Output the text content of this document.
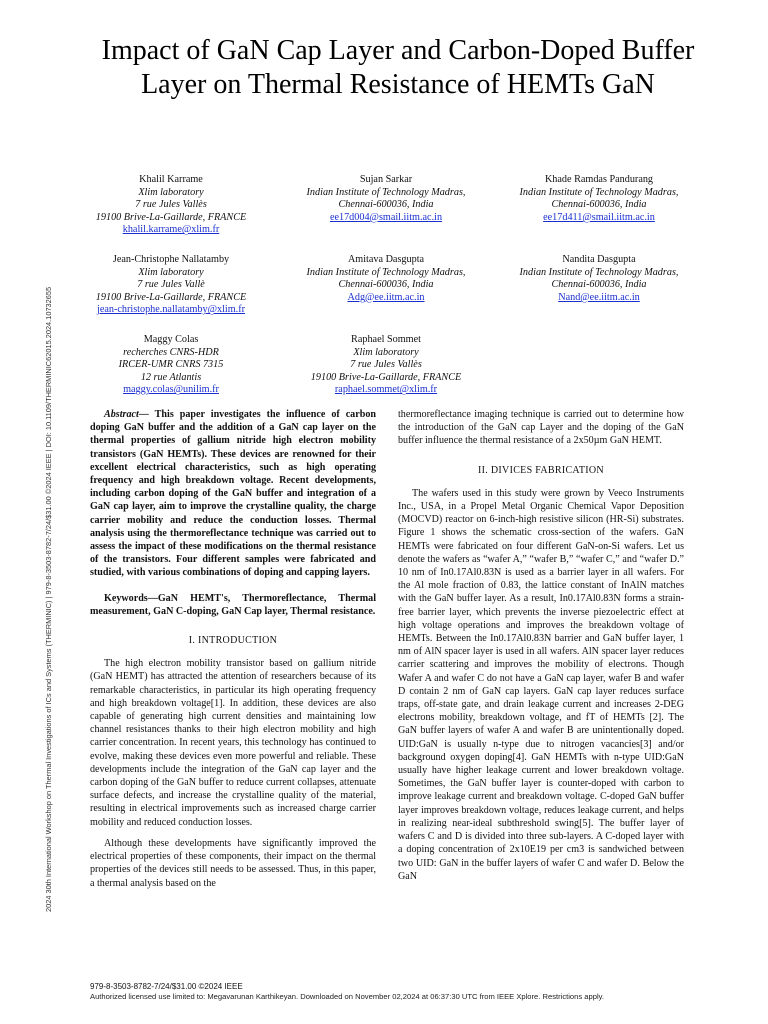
2024 30th International Workshop on Thermal Investigations of ICs and Systems (THERMINIC) | 979-8-3503-8782-7/24/$31.00 ©2024 IEEE | DOI: 10.1109/THERMINIC62015.2024.10732655
Impact of GaN Cap Layer and Carbon-Doped Buffer Layer on Thermal Resistance of HEMTs GaN
Khalil Karrame
Xlim laboratory
7 rue Jules Vallès
19100 Brive-La-Gaillarde, FRANCE
khalil.karrame@xlim.fr
Sujan Sarkar
Indian Institute of Technology Madras,
Chennai-600036, India
ee17d004@smail.iitm.ac.in
Khade Ramdas Pandurang
Indian Institute of Technology Madras,
Chennai-600036, India
ee17d411@smail.iitm.ac.in
Jean-Christophe Nallatamby
Xlim laboratory
7 rue Jules Vallè
19100 Brive-La-Gaillarde, FRANCE
jean-christophe.nallatamby@xlim.fr
Amitava Dasgupta
Indian Institute of Technology Madras,
Chennai-600036, India
Adg@ee.iitm.ac.in
Nandita Dasgupta
Indian Institute of Technology Madras,
Chennai-600036, India
Nand@ee.iitm.ac.in
Maggy Colas
recherches CNRS-HDR
IRCER-UMR CNRS 7315
12 rue Atlantis
maggy.colas@unilim.fr
Raphael Sommet
Xlim laboratory
7 rue Jules Vallès
19100 Brive-La-Gaillarde, FRANCE
raphael.sommet@xlim.fr

Abstract— This paper investigates the influence of carbon doping GaN buffer and the addition of a GaN cap layer on the thermal properties of gallium nitride high electron mobility transistors (GaN HEMTs). These devices are renowned for their excellent electrical characteristics, such as high operating frequency and high breakdown voltage. Recent developments, including carbon doping of the GaN buffer and integration of a GaN cap layer, aim to improve the crystalline quality, the charge carrier mobility and reduce the conduction losses. Thermal analysis using the thermoreflectance technique was carried out to assess the impact of these modifications on the thermal resistance of the transistors. Four different samples were fabricated and studied, with various combinations of doping and capping layers.

Keywords—GaN HEMT's, Thermoreflectance, Thermal measurement, GaN C-doping, GaN Cap layer, Thermal resistance.

I. INTRODUCTION

The high electron mobility transistor based on gallium nitride (GaN HEMT) has attracted the attention of researchers because of its remarkable characteristics, in particular its high operating frequency and high breakdown voltage[1]. In addition, these devices are also capable of generating high current densities and maintaining low channel resistances thanks to their high electron mobility and high carrier concentration. In recent years, this technology has continued to evolve, making these devices even more powerful and reliable. These developments include the integration of the GaN cap layer and the carbon doping of the GaN buffer to reduce current collapses, attenuate surface defects, and increase the crystalline quality of the material, resulting in electrical improvements such as increased charge carrier mobility and reduced conduction losses.

Although these developments have significantly improved the electrical properties of these components, their impact on the thermal properties of the devices still needs to be assessed. Thus, in this paper, a thermal analysis based on the

thermoreflectance imaging technique is carried out to determine how the introduction of the GaN cap Layer and the doping of the GaN buffer influence the thermal resistance of a 2x50µm GaN HEMT.

II. DIVICES FABRICATION

The wafers used in this study were grown by Veeco Instruments Inc., USA, in a Propel Metal Organic Chemical Vapor Deposition (MOCVD) reactor on 6-inch-high resistive silicon (HR-Si) substrates. Figure 1 shows the schematic cross-section of the wafers. GaN HEMTs were fabricated on four different GaN-on-Si wafers. Let us denote the wafers as “wafer A,” “wafer B,” “wafer C,” and “wafer D.” 10 nm of In0.17Al0.83N is used as a barrier layer in all wafers. For the Al mole fraction of 0.83, the lattice constant of InAlN matches with the GaN buffer layer. As a result, In0.17Al0.83N forms a strain-free barrier layer, which prevents the inverse piezoelectric effect at high voltage operations and improves the breakdown voltage of HEMTs. Between the In0.17Al0.83N barrier and GaN buffer layer, 1 nm of AlN spacer layer is used in all wafers. AlN spacer layer reduces carrier scattering and improves the mobility of electrons. Though Wafer A and wafer C do not have a GaN cap layer, wafer B and wafer D contain 2 nm of GaN cap layers. GaN cap layer reduces surface traps, off-state gate, and drain leakage current and increases 2-DEG electrons mobility, breakdown voltage, and fT of HEMTs [2]. The GaN buffer layers of wafer A and wafer B are unintentionally doped. UID:GaN is usually n-type due to nitrogen vacancies[3] and/or background oxygen doping[4]. GaN HEMTs with n-type UID:GaN usually have higher leakage current and lower breakdown voltage. Sometimes, the GaN buffer layer is counter-doped with carbon to improve leakage current and breakdown voltage. C-doped GaN buffer layer improves breakdown voltage, reduces leakage current, and helps in realizing near-ideal subthreshold swing[5]. The buffer layer of wafers C and D is divided into three sub-layers. A C-doped layer with a doping concentration of 2x10E19 per cm3 is sandwiched between two UID: GaN in the buffer layers of wafer C and wafer D. Below the GaN

979-8-3503-8782-7/24/$31.00 ©2024 IEEE
Authorized licensed use limited to: Megavarunan Karthikeyan. Downloaded on November 02,2024 at 06:37:30 UTC from IEEE Xplore. Restrictions apply.
